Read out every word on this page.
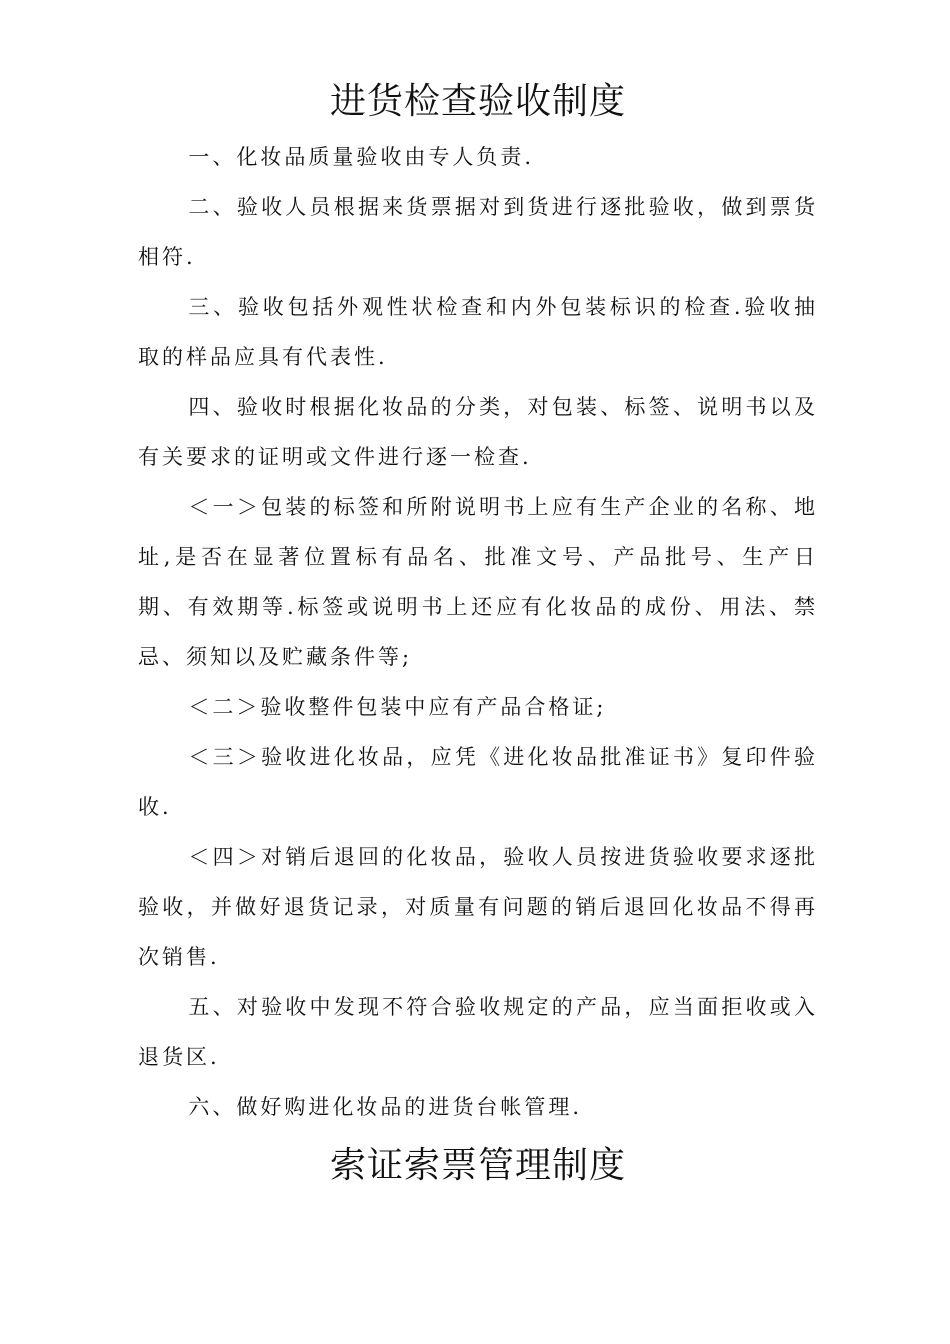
进货检查验收制度

一、化妆品质量验收由专人负责.

二、验收人员根据来货票据对到货进行逐批验收，做到票货相符.

三、验收包括外观性状检查和内外包装标识的检查.验收抽取的样品应具有代表性.

四、验收时根据化妆品的分类，对包装、标签、说明书以及有关要求的证明或文件进行逐一检查.

＜一＞包装的标签和所附说明书上应有生产企业的名称、地址,是否在显著位置标有品名、批准文号、产品批号、生产日期、有效期等.标签或说明书上还应有化妆品的成份、用法、禁忌、须知以及贮藏条件等;

＜二＞验收整件包装中应有产品合格证;

＜三＞验收进化妆品，应凭《进化妆品批准证书》复印件验收.

＜四＞对销后退回的化妆品，验收人员按进货验收要求逐批验收，并做好退货记录，对质量有问题的销后退回化妆品不得再次销售.

五、对验收中发现不符合验收规定的产品，应当面拒收或入退货区.

六、做好购进化妆品的进货台帐管理.

索证索票管理制度
